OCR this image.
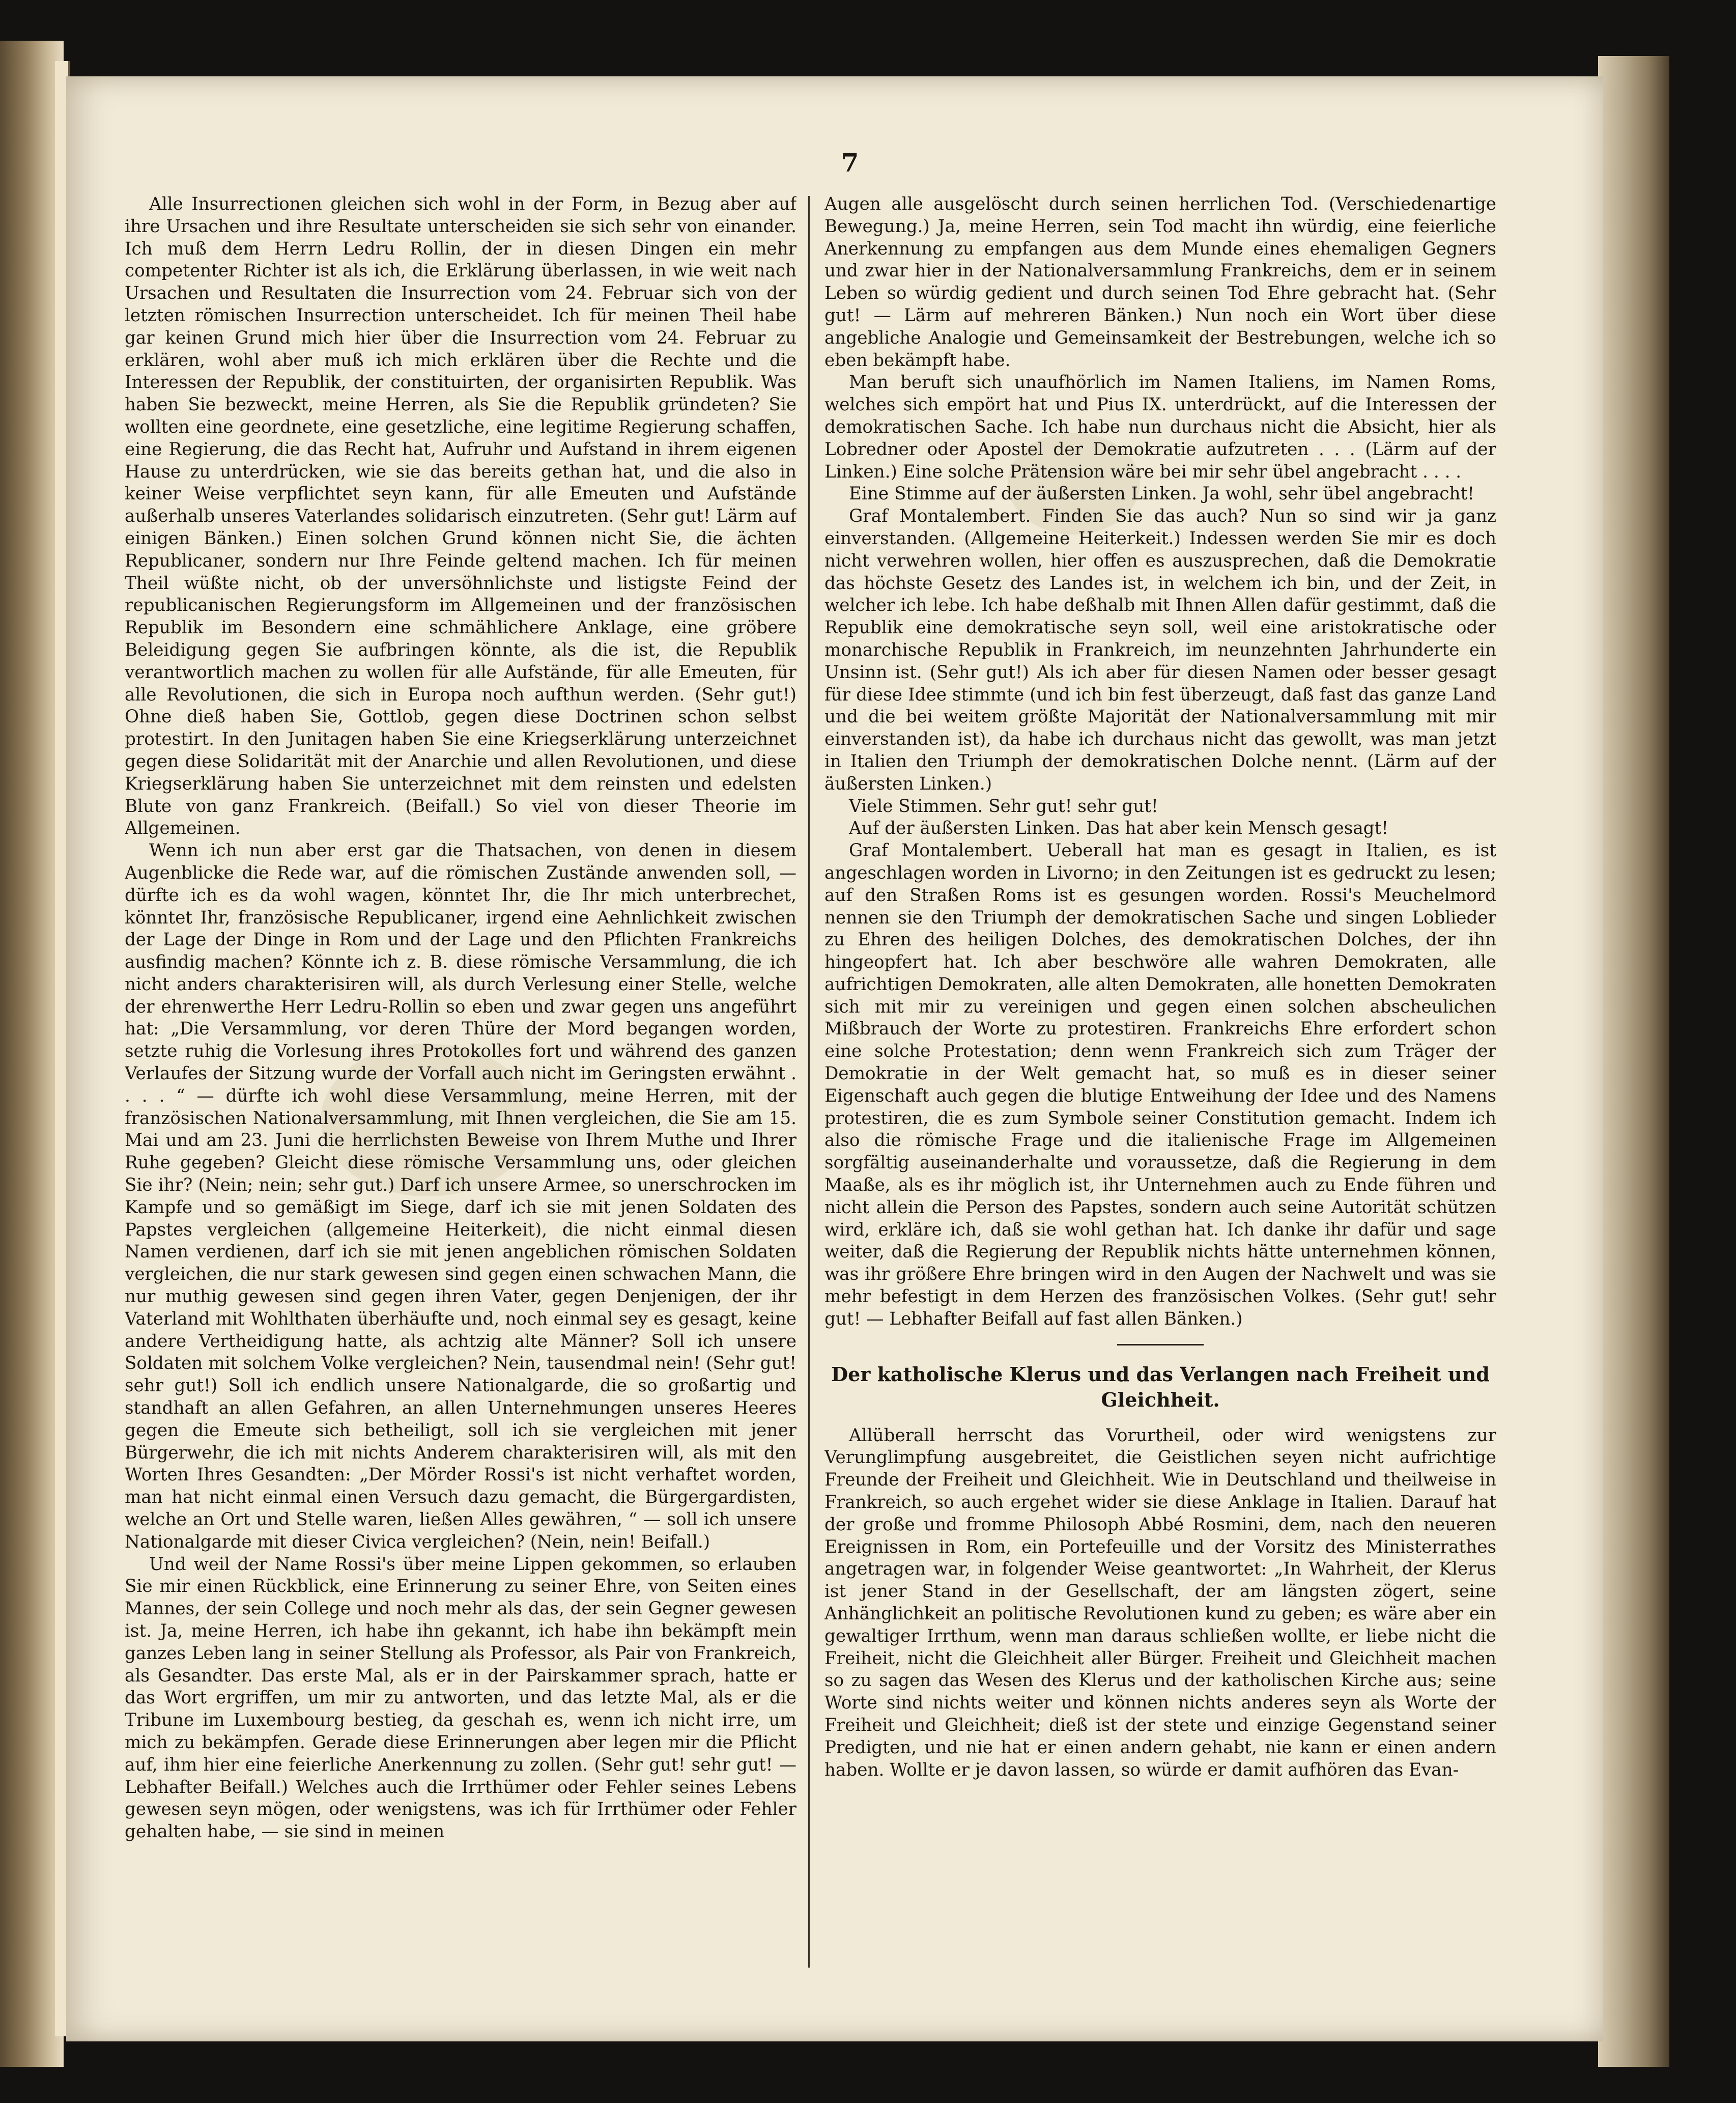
7

Alle Insurrectionen gleichen sich wohl in der Form, in Bezug aber auf ihre Ursachen und ihre Resultate unterscheiden sie sich sehr von einander. Ich muß dem Herrn Ledru Rollin, der in diesen Dingen ein mehr competenter Richter ist als ich, die Erklärung überlassen, in wie weit nach Ursachen und Resultaten die Insurrection vom 24. Februar sich von der letzten römischen Insurrection unterscheidet. Ich für meinen Theil habe gar keinen Grund mich hier über die Insurrection vom 24. Februar zu erklären, wohl aber muß ich mich erklären über die Rechte und die Interessen der Republik, der constituirten, der organisirten Republik. Was haben Sie bezweckt, meine Herren, als Sie die Republik gründeten? Sie wollten eine geordnete, eine gesetzliche, eine legitime Regierung schaffen, eine Regierung, die das Recht hat, Aufruhr und Aufstand in ihrem eigenen Hause zu unterdrücken, wie sie das bereits gethan hat, und die also in keiner Weise verpflichtet seyn kann, für alle Emeuten und Aufstände außerhalb unseres Vaterlandes solidarisch einzutreten. (Sehr gut! Lärm auf einigen Bänken.) Einen solchen Grund können nicht Sie, die ächten Republicaner, sondern nur Ihre Feinde geltend machen. Ich für meinen Theil wüßte nicht, ob der unversöhnlichste und listigste Feind der republicanischen Regierungsform im Allgemeinen und der französischen Republik im Besondern eine schmählichere Anklage, eine gröbere Beleidigung gegen Sie aufbringen könnte, als die ist, die Republik verantwortlich machen zu wollen für alle Aufstände, für alle Emeuten, für alle Revolutionen, die sich in Europa noch aufthun werden. (Sehr gut!) Ohne dieß haben Sie, Gottlob, gegen diese Doctrinen schon selbst protestirt. In den Junitagen haben Sie eine Kriegserklärung unterzeichnet gegen diese Solidarität mit der Anarchie und allen Revolutionen, und diese Kriegserklärung haben Sie unterzeichnet mit dem reinsten und edelsten Blute von ganz Frankreich. (Beifall.) So viel von dieser Theorie im Allgemeinen.

Wenn ich nun aber erst gar die Thatsachen, von denen in diesem Augenblicke die Rede war, auf die römischen Zustände anwenden soll, — dürfte ich es da wohl wagen, könntet Ihr, die Ihr mich unterbrechet, könntet Ihr, französische Republicaner, irgend eine Aehnlichkeit zwischen der Lage der Dinge in Rom und der Lage und den Pflichten Frankreichs ausfindig machen? Könnte ich z. B. diese römische Versammlung, die ich nicht anders charakterisiren will, als durch Verlesung einer Stelle, welche der ehrenwerthe Herr Ledru-Rollin so eben und zwar gegen uns angeführt hat: „Die Versammlung, vor deren Thüre der Mord begangen worden, setzte ruhig die Vorlesung ihres Protokolles fort und während des ganzen Verlaufes der Sitzung wurde der Vorfall auch nicht im Geringsten erwähnt . . . . “ — dürfte ich wohl diese Versammlung, meine Herren, mit der französischen Nationalversammlung, mit Ihnen vergleichen, die Sie am 15. Mai und am 23. Juni die herrlichsten Beweise von Ihrem Muthe und Ihrer Ruhe gegeben? Gleicht diese römische Versammlung uns, oder gleichen Sie ihr? (Nein; nein; sehr gut.) Darf ich unsere Armee, so unerschrocken im Kampfe und so gemäßigt im Siege, darf ich sie mit jenen Soldaten des Papstes vergleichen (allgemeine Heiterkeit), die nicht einmal diesen Namen verdienen, darf ich sie mit jenen angeblichen römischen Soldaten vergleichen, die nur stark gewesen sind gegen einen schwachen Mann, die nur muthig gewesen sind gegen ihren Vater, gegen Denjenigen, der ihr Vaterland mit Wohlthaten überhäufte und, noch einmal sey es gesagt, keine andere Vertheidigung hatte, als achtzig alte Männer? Soll ich unsere Soldaten mit solchem Volke vergleichen? Nein, tausendmal nein! (Sehr gut! sehr gut!) Soll ich endlich unsere Nationalgarde, die so großartig und standhaft an allen Gefahren, an allen Unternehmungen unseres Heeres gegen die Emeute sich betheiligt, soll ich sie vergleichen mit jener Bürgerwehr, die ich mit nichts Anderem charakterisiren will, als mit den Worten Ihres Gesandten: „Der Mörder Rossi's ist nicht verhaftet worden, man hat nicht einmal einen Versuch dazu gemacht, die Bürgergardisten, welche an Ort und Stelle waren, ließen Alles gewähren, “ — soll ich unsere Nationalgarde mit dieser Civica vergleichen? (Nein, nein! Beifall.)

Und weil der Name Rossi's über meine Lippen gekommen, so erlauben Sie mir einen Rückblick, eine Erinnerung zu seiner Ehre, von Seiten eines Mannes, der sein College und noch mehr als das, der sein Gegner gewesen ist. Ja, meine Herren, ich habe ihn gekannt, ich habe ihn bekämpft mein ganzes Leben lang in seiner Stellung als Professor, als Pair von Frankreich, als Gesandter. Das erste Mal, als er in der Pairskammer sprach, hatte er das Wort ergriffen, um mir zu antworten, und das letzte Mal, als er die Tribune im Luxembourg bestieg, da geschah es, wenn ich nicht irre, um mich zu bekämpfen. Gerade diese Erinnerungen aber legen mir die Pflicht auf, ihm hier eine feierliche Anerkennung zu zollen. (Sehr gut! sehr gut! — Lebhafter Beifall.) Welches auch die Irrthümer oder Fehler seines Lebens gewesen seyn mögen, oder wenigstens, was ich für Irrthümer oder Fehler gehalten habe, — sie sind in meinen

Augen alle ausgelöscht durch seinen herrlichen Tod. (Verschiedenartige Bewegung.) Ja, meine Herren, sein Tod macht ihn würdig, eine feierliche Anerkennung zu empfangen aus dem Munde eines ehemaligen Gegners und zwar hier in der Nationalversammlung Frankreichs, dem er in seinem Leben so würdig gedient und durch seinen Tod Ehre gebracht hat. (Sehr gut! — Lärm auf mehreren Bänken.) Nun noch ein Wort über diese angebliche Analogie und Gemeinsamkeit der Bestrebungen, welche ich so eben bekämpft habe.

Man beruft sich unaufhörlich im Namen Italiens, im Namen Roms, welches sich empört hat und Pius IX. unterdrückt, auf die Interessen der demokratischen Sache. Ich habe nun durchaus nicht die Absicht, hier als Lobredner oder Apostel der Demokratie aufzutreten . . . (Lärm auf der Linken.) Eine solche Prätension wäre bei mir sehr übel angebracht . . . .

Eine Stimme auf der äußersten Linken. Ja wohl, sehr übel angebracht!

Graf Montalembert. Finden Sie das auch? Nun so sind wir ja ganz einverstanden. (Allgemeine Heiterkeit.) Indessen werden Sie mir es doch nicht verwehren wollen, hier offen es auszusprechen, daß die Demokratie das höchste Gesetz des Landes ist, in welchem ich bin, und der Zeit, in welcher ich lebe. Ich habe deßhalb mit Ihnen Allen dafür gestimmt, daß die Republik eine demokratische seyn soll, weil eine aristokratische oder monarchische Republik in Frankreich, im neunzehnten Jahrhunderte ein Unsinn ist. (Sehr gut!) Als ich aber für diesen Namen oder besser gesagt für diese Idee stimmte (und ich bin fest überzeugt, daß fast das ganze Land und die bei weitem größte Majorität der Nationalversammlung mit mir einverstanden ist), da habe ich durchaus nicht das gewollt, was man jetzt in Italien den Triumph der demokratischen Dolche nennt. (Lärm auf der äußersten Linken.)

Viele Stimmen. Sehr gut! sehr gut!

Auf der äußersten Linken. Das hat aber kein Mensch gesagt!

Graf Montalembert. Ueberall hat man es gesagt in Italien, es ist angeschlagen worden in Livorno; in den Zeitungen ist es gedruckt zu lesen; auf den Straßen Roms ist es gesungen worden. Rossi's Meuchelmord nennen sie den Triumph der demokratischen Sache und singen Loblieder zu Ehren des heiligen Dolches, des demokratischen Dolches, der ihn hingeopfert hat. Ich aber beschwöre alle wahren Demokraten, alle aufrichtigen Demokraten, alle alten Demokraten, alle honetten Demokraten sich mit mir zu vereinigen und gegen einen solchen abscheulichen Mißbrauch der Worte zu protestiren. Frankreichs Ehre erfordert schon eine solche Protestation; denn wenn Frankreich sich zum Träger der Demokratie in der Welt gemacht hat, so muß es in dieser seiner Eigenschaft auch gegen die blutige Entweihung der Idee und des Namens protestiren, die es zum Symbole seiner Constitution gemacht. Indem ich also die römische Frage und die italienische Frage im Allgemeinen sorgfältig auseinanderhalte und voraussetze, daß die Regierung in dem Maaße, als es ihr möglich ist, ihr Unternehmen auch zu Ende führen und nicht allein die Person des Papstes, sondern auch seine Autorität schützen wird, erkläre ich, daß sie wohl gethan hat. Ich danke ihr dafür und sage weiter, daß die Regierung der Republik nichts hätte unternehmen können, was ihr größere Ehre bringen wird in den Augen der Nachwelt und was sie mehr befestigt in dem Herzen des französischen Volkes. (Sehr gut! sehr gut! — Lebhafter Beifall auf fast allen Bänken.)

Der katholische Klerus und das Verlangen nach Freiheit und Gleichheit.

Allüberall herrscht das Vorurtheil, oder wird wenigstens zur Verunglimpfung ausgebreitet, die Geistlichen seyen nicht aufrichtige Freunde der Freiheit und Gleichheit. Wie in Deutschland und theilweise in Frankreich, so auch ergehet wider sie diese Anklage in Italien. Darauf hat der große und fromme Philosoph Abbé Rosmini, dem, nach den neueren Ereignissen in Rom, ein Portefeuille und der Vorsitz des Ministerrathes angetragen war, in folgender Weise geantwortet: „In Wahrheit, der Klerus ist jener Stand in der Gesellschaft, der am längsten zögert, seine Anhänglichkeit an politische Revolutionen kund zu geben; es wäre aber ein gewaltiger Irrthum, wenn man daraus schließen wollte, er liebe nicht die Freiheit, nicht die Gleichheit aller Bürger. Freiheit und Gleichheit machen so zu sagen das Wesen des Klerus und der katholischen Kirche aus; seine Worte sind nichts weiter und können nichts anderes seyn als Worte der Freiheit und Gleichheit; dieß ist der stete und einzige Gegenstand seiner Predigten, und nie hat er einen andern gehabt, nie kann er einen andern haben. Wollte er je davon lassen, so würde er damit aufhören das Evan-
